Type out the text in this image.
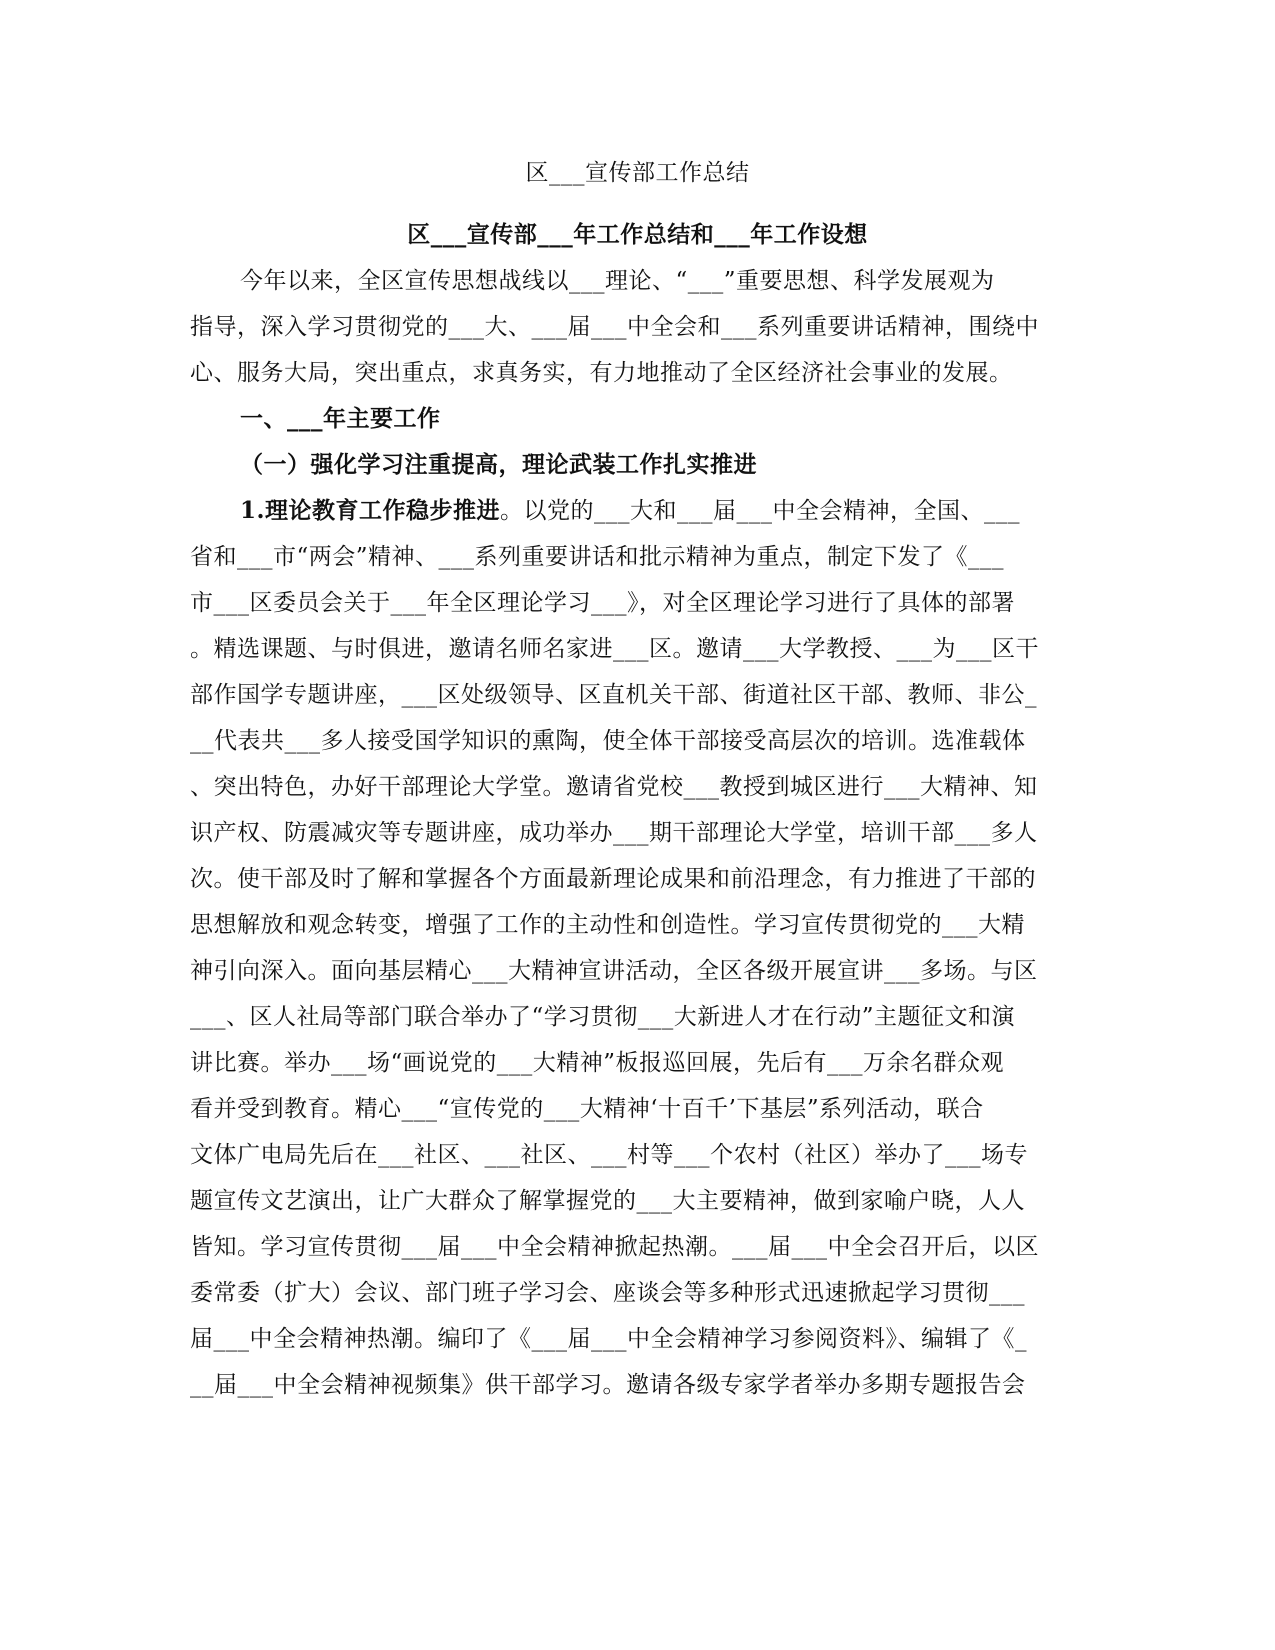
区___宣传部工作总结
区___宣传部___年工作总结和___年工作设想
今年以来，全区宣传思想战线以___理论、“___”重要思想、科学发展观为
指导，深入学习贯彻党的___大、___届___中全会和___系列重要讲话精神，围绕中
心、服务大局，突出重点，求真务实，有力地推动了全区经济社会事业的发展。
一、___年主要工作
（一）强化学习注重提高，理论武装工作扎实推进
1.理论教育工作稳步推进。以党的___大和___届___中全会精神，全国、___
省和___市“两会”精神、___系列重要讲话和批示精神为重点，制定下发了《___
市___区委员会关于___年全区理论学习___》，对全区理论学习进行了具体的部署
。精选课题、与时俱进，邀请名师名家进___区。邀请___大学教授、___为___区干
部作国学专题讲座，___区处级领导、区直机关干部、街道社区干部、教师、非公_
__代表共___多人接受国学知识的熏陶，使全体干部接受高层次的培训。选准载体
、突出特色，办好干部理论大学堂。邀请省党校___教授到城区进行___大精神、知
识产权、防震减灾等专题讲座，成功举办___期干部理论大学堂，培训干部___多人
次。使干部及时了解和掌握各个方面最新理论成果和前沿理念，有力推进了干部的
思想解放和观念转变，增强了工作的主动性和创造性。学习宣传贯彻党的___大精
神引向深入。面向基层精心___大精神宣讲活动，全区各级开展宣讲___多场。与区
___、区人社局等部门联合举办了“学习贯彻___大新进人才在行动”主题征文和演
讲比赛。举办___场“画说党的___大精神”板报巡回展，先后有___万余名群众观
看并受到教育。精心___“宣传党的___大精神‘十百千’下基层”系列活动，联合
文体广电局先后在___社区、___社区、___村等___个农村（社区）举办了___场专
题宣传文艺演出，让广大群众了解掌握党的___大主要精神，做到家喻户晓，人人
皆知。学习宣传贯彻___届___中全会精神掀起热潮。___届___中全会召开后，以区
委常委（扩大）会议、部门班子学习会、座谈会等多种形式迅速掀起学习贯彻___
届___中全会精神热潮。编印了《___届___中全会精神学习参阅资料》、编辑了《_
__届___中全会精神视频集》供干部学习。邀请各级专家学者举办多期专题报告会
